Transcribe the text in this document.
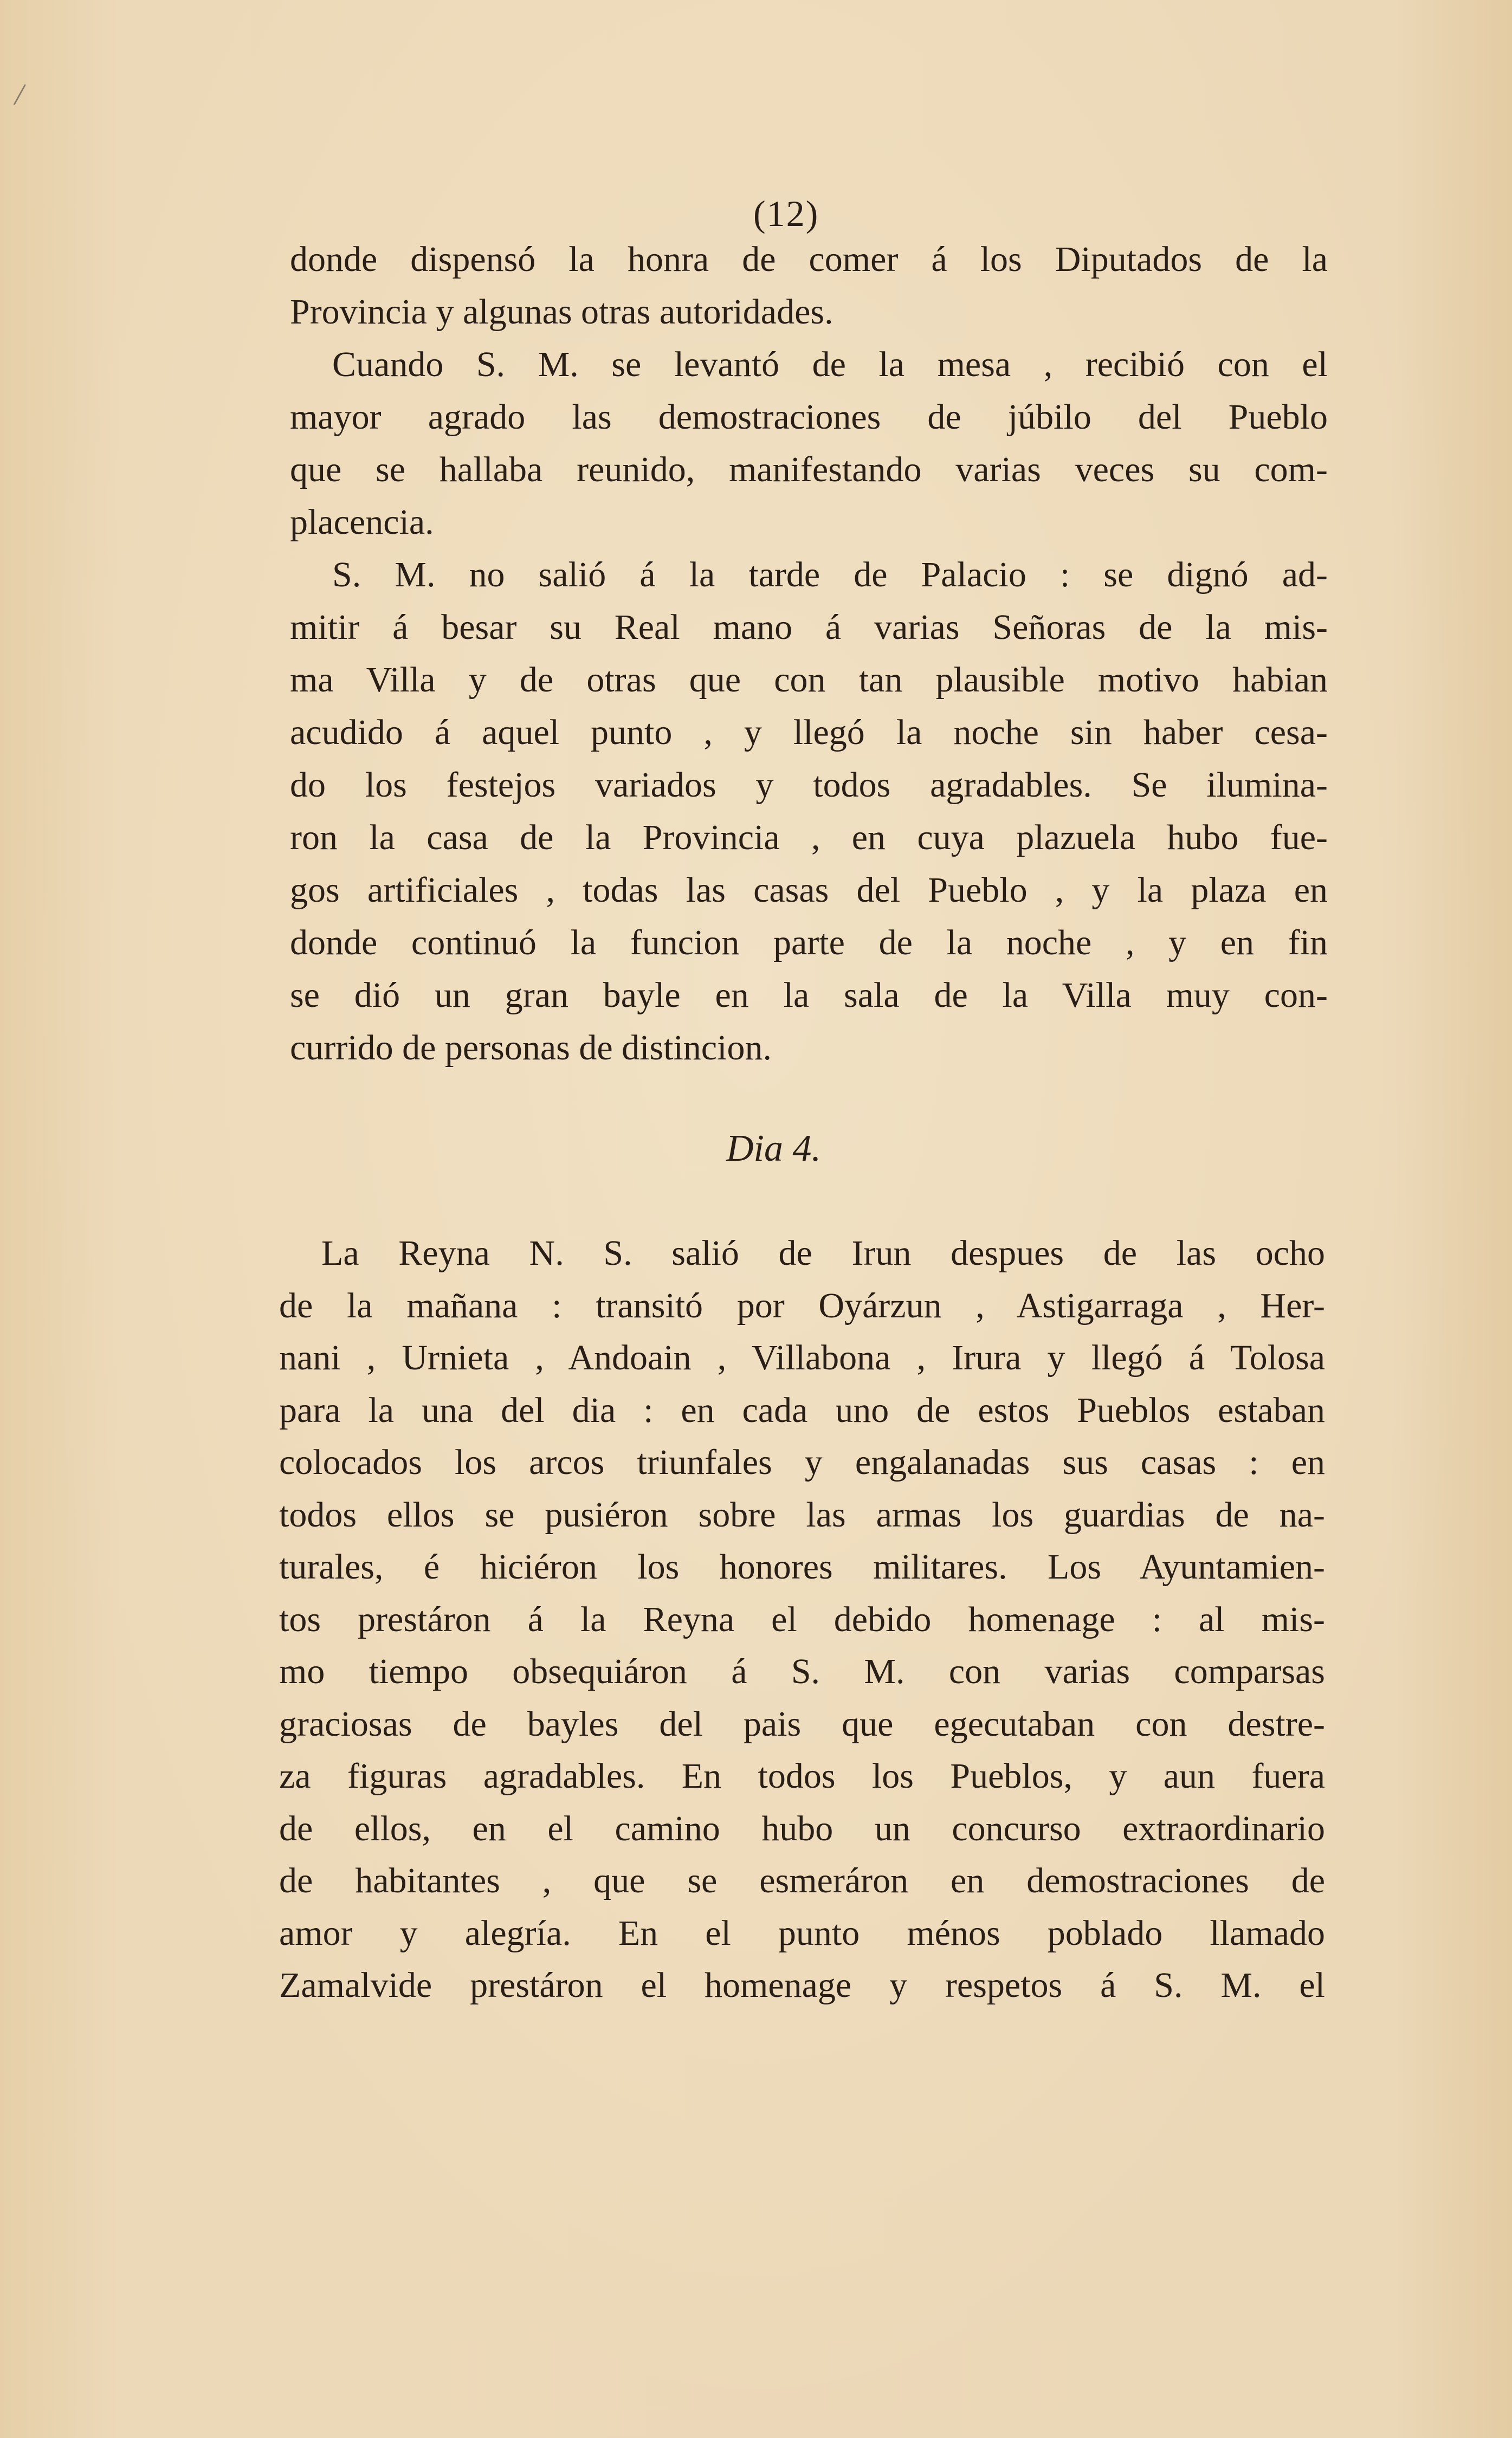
/
(12)
donde dispensó la honra de comer á los Diputados de la
Provincia y algunas otras autoridades.
Cuando S. M. se levantó de la mesa , recibió con el
mayor agrado las demostraciones de júbilo del Pueblo
que se hallaba reunido, manifestando varias veces su com-
placencia.
S. M. no salió á la tarde de Palacio : se dignó ad-
mitir á besar su Real mano á varias Señoras de la mis-
ma Villa y de otras que con tan plausible motivo habian
acudido á aquel punto , y llegó la noche sin haber cesa-
do los festejos variados y todos agradables. Se ilumina-
ron la casa de la Provincia , en cuya plazuela hubo fue-
gos artificiales , todas las casas del Pueblo , y la plaza en
donde continuó la funcion parte de la noche , y en fin
se dió un gran bayle en la sala de la Villa muy con-
currido de personas de distincion.
Dia 4.
La Reyna N. S. salió de Irun despues de las ocho
de la mañana : transitó por Oyárzun , Astigarraga , Her-
nani , Urnieta , Andoain , Villabona , Irura y llegó á Tolosa
para la una del dia : en cada uno de estos Pueblos estaban
colocados los arcos triunfales y engalanadas sus casas : en
todos ellos se pusiéron sobre las armas los guardias de na-
turales, é hiciéron los honores militares. Los Ayuntamien-
tos prestáron á la Reyna el debido homenage : al mis-
mo tiempo obsequiáron á S. M. con varias comparsas
graciosas de bayles del pais que egecutaban con destre-
za figuras agradables. En todos los Pueblos, y aun fuera
de ellos, en el camino hubo un concurso extraordinario
de habitantes , que se esmeráron en demostraciones de
amor y alegría. En el punto ménos poblado llamado
Zamalvide prestáron el homenage y respetos á S. M. el
